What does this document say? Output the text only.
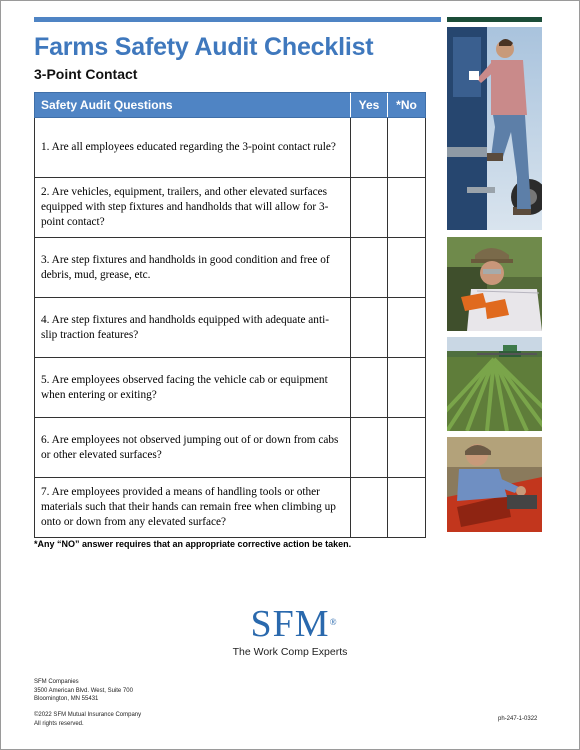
Farms Safety Audit Checklist
3-Point Contact
Safety Audit Questions	Yes	*No
1. Are all employees educated regarding the 3-point contact rule?		
2. Are vehicles, equipment, trailers, and other elevated surfaces equipped with step fixtures and handholds that will allow for 3-point contact?		
3. Are step fixtures and handholds in good condition and free of debris, mud, grease, etc.		
4. Are step fixtures and handholds equipped with adequate anti-slip traction features?		
5. Are employees observed facing the vehicle cab or equipment when entering or exiting?		
6. Are employees not observed jumping out of or down from cabs or other elevated surfaces?		
7. Are employees provided a means of handling tools or other materials such that their hands can remain free when climbing up onto or down from any elevated surface?		
*Any “NO” answer requires that an appropriate corrective action be taken.
SFM ®
The Work Comp Experts
SFM Companies
3500 American Blvd. West, Suite 700
Bloomington, MN 55431
©2022 SFM Mutual Insurance Company
All rights reserved.
ph-247-1-0322
